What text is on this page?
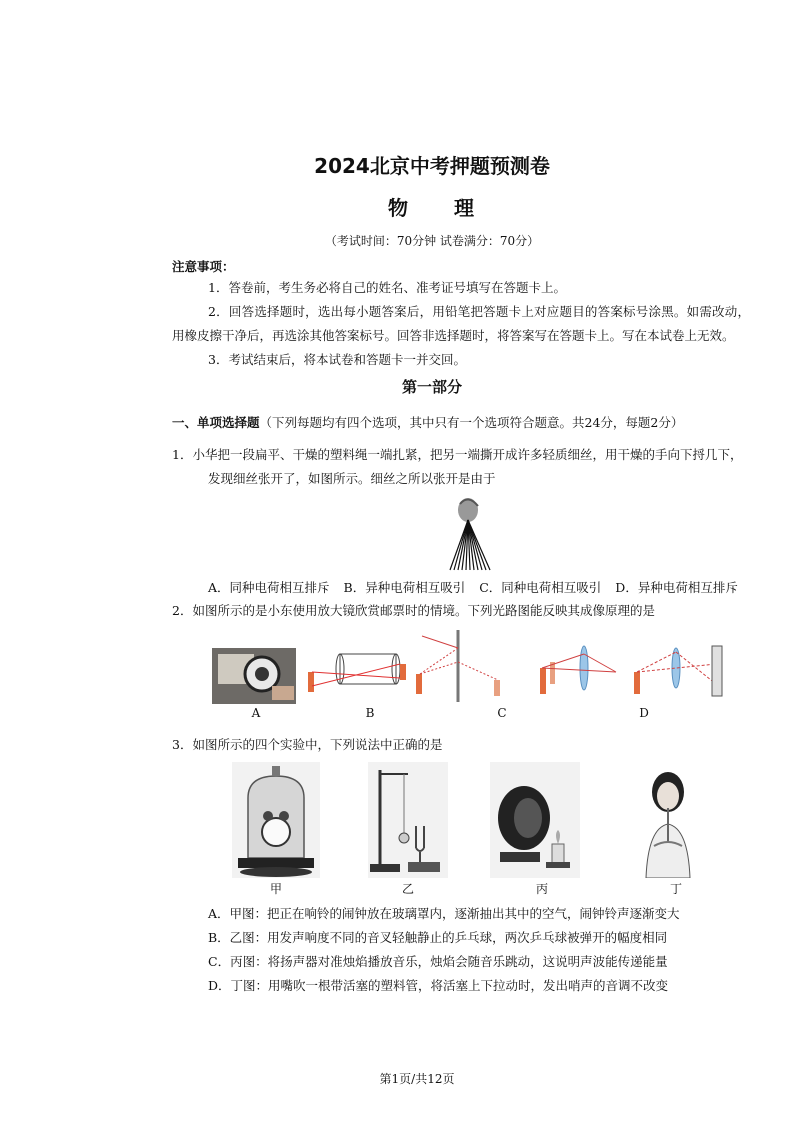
2024北京中考押题预测卷
物 理
（考试时间：70分钟 试卷满分：70分）
注意事项：
1．答卷前，考生务必将自己的姓名、准考证号填写在答题卡上。
2．回答选择题时，选出每小题答案后，用铅笔把答题卡上对应题目的答案标号涂黑。如需改动，用橡皮擦干净后，再选涂其他答案标号。回答非选择题时，将答案写在答题卡上。写在本试卷上无效。
3．考试结束后，将本试卷和答题卡一并交回。
第一部分
一、单项选择题（下列每题均有四个选项，其中只有一个选项符合题意。共24分，每题2分）
1．小华把一段扁平、干燥的塑料绳一端扎紧，把另一端撕开成许多轻质细丝，用干燥的手向下捋几下，
发现细丝张开了，如图所示。细丝之所以张开是由于
A．同种电荷相互排斥 B．异种电荷相互吸引 C．同种电荷相互吸引 D．异种电荷相互排斥
2．如图所示的是小东使用放大镜欣赏邮票时的情境。下列光路图能反映其成像原理的是
A	B	C	D
3．如图所示的四个实验中，下列说法中正确的是
甲	乙	丙	丁
A．甲图：把正在响铃的闹钟放在玻璃罩内，逐渐抽出其中的空气，闹钟铃声逐渐变大
B．乙图：用发声响度不同的音叉轻触静止的乒乓球，两次乒乓球被弹开的幅度相同
C．丙图：将扬声器对准烛焰播放音乐，烛焰会随音乐跳动，这说明声波能传递能量
D．丁图：用嘴吹一根带活塞的塑料管，将活塞上下拉动时，发出哨声的音调不改变
第1页/共12页
